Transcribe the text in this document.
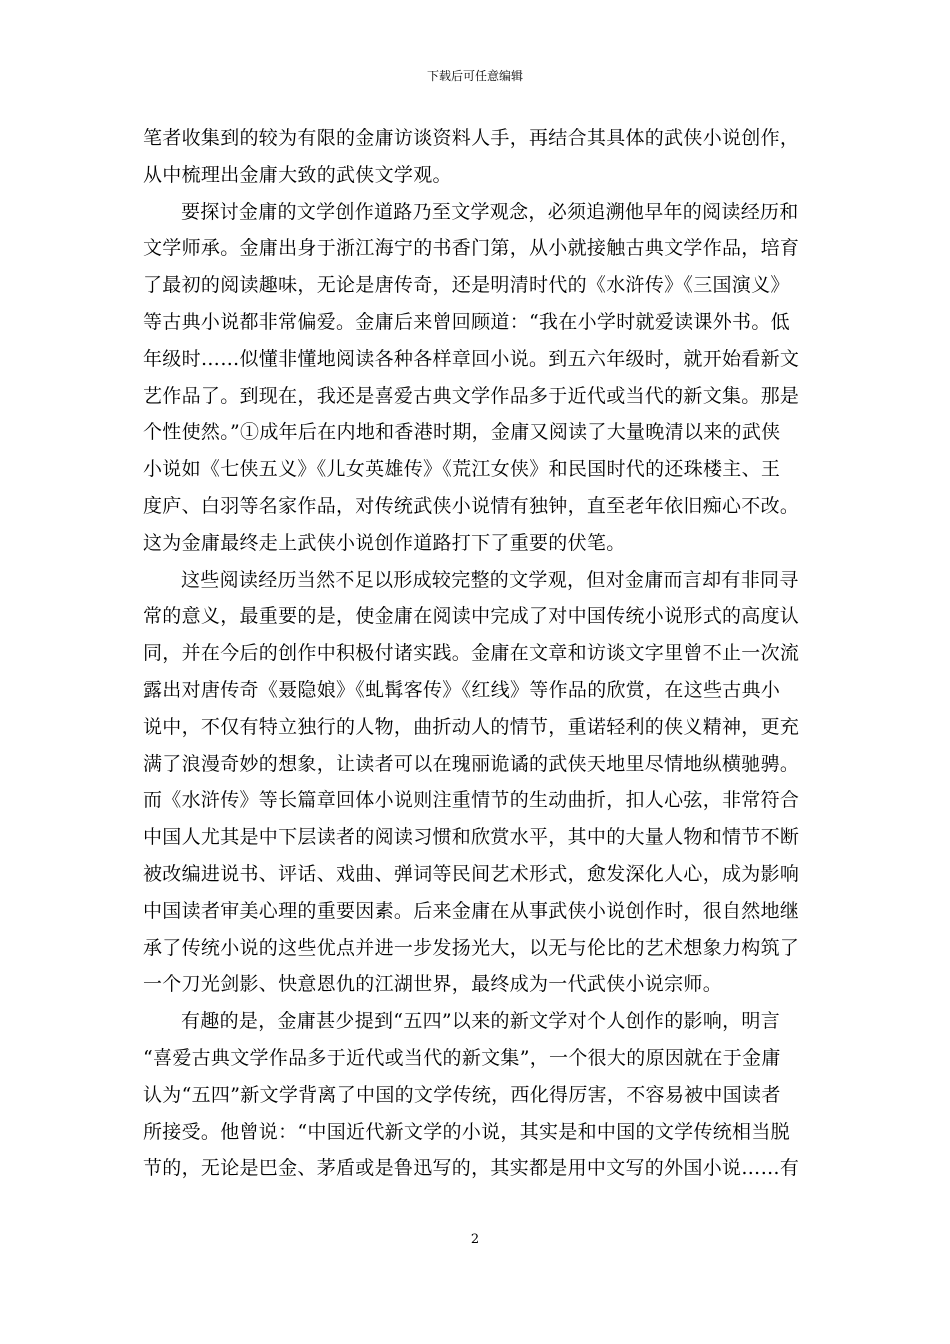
下载后可任意编辑
笔者收集到的较为有限的金庸访谈资料人手，再结合其具体的武侠小说创作，
从中梳理出金庸大致的武侠文学观。
要探讨金庸的文学创作道路乃至文学观念，必须追溯他早年的阅读经历和
文学师承。金庸出身于浙江海宁的书香门第，从小就接触古典文学作品，培育
了最初的阅读趣味，无论是唐传奇，还是明清时代的《水浒传》《三国演义》
等古典小说都非常偏爱。金庸后来曾回顾道：“我在小学时就爱读课外书。低
年级时……似懂非懂地阅读各种各样章回小说。到五六年级时，就开始看新文
艺作品了。到现在，我还是喜爱古典文学作品多于近代或当代的新文集。那是
个性使然。”①成年后在内地和香港时期，金庸又阅读了大量晚清以来的武侠
小说如《七侠五义》《儿女英雄传》《荒江女侠》和民国时代的还珠楼主、王
度庐、白羽等名家作品，对传统武侠小说情有独钟，直至老年依旧痴心不改。
这为金庸最终走上武侠小说创作道路打下了重要的伏笔。
这些阅读经历当然不足以形成较完整的文学观，但对金庸而言却有非同寻
常的意义，最重要的是，使金庸在阅读中完成了对中国传统小说形式的高度认
同，并在今后的创作中积极付诸实践。金庸在文章和访谈文字里曾不止一次流
露出对唐传奇《聂隐娘》《虬髯客传》《红线》等作品的欣赏，在这些古典小
说中，不仅有特立独行的人物，曲折动人的情节，重诺轻利的侠义精神，更充
满了浪漫奇妙的想象，让读者可以在瑰丽诡谲的武侠天地里尽情地纵横驰骋。
而《水浒传》等长篇章回体小说则注重情节的生动曲折，扣人心弦，非常符合
中国人尤其是中下层读者的阅读习惯和欣赏水平，其中的大量人物和情节不断
被改编进说书、评话、戏曲、弹词等民间艺术形式，愈发深化人心，成为影响
中国读者审美心理的重要因素。后来金庸在从事武侠小说创作时，很自然地继
承了传统小说的这些优点并进一步发扬光大，以无与伦比的艺术想象力构筑了
一个刀光剑影、快意恩仇的江湖世界，最终成为一代武侠小说宗师。
有趣的是，金庸甚少提到“五四”以来的新文学对个人创作的影响，明言
“喜爱古典文学作品多于近代或当代的新文集”，一个很大的原因就在于金庸
认为“五四”新文学背离了中国的文学传统，西化得厉害，不容易被中国读者
所接受。他曾说：“中国近代新文学的小说，其实是和中国的文学传统相当脱
节的，无论是巴金、茅盾或是鲁迅写的，其实都是用中文写的外国小说……有
2
